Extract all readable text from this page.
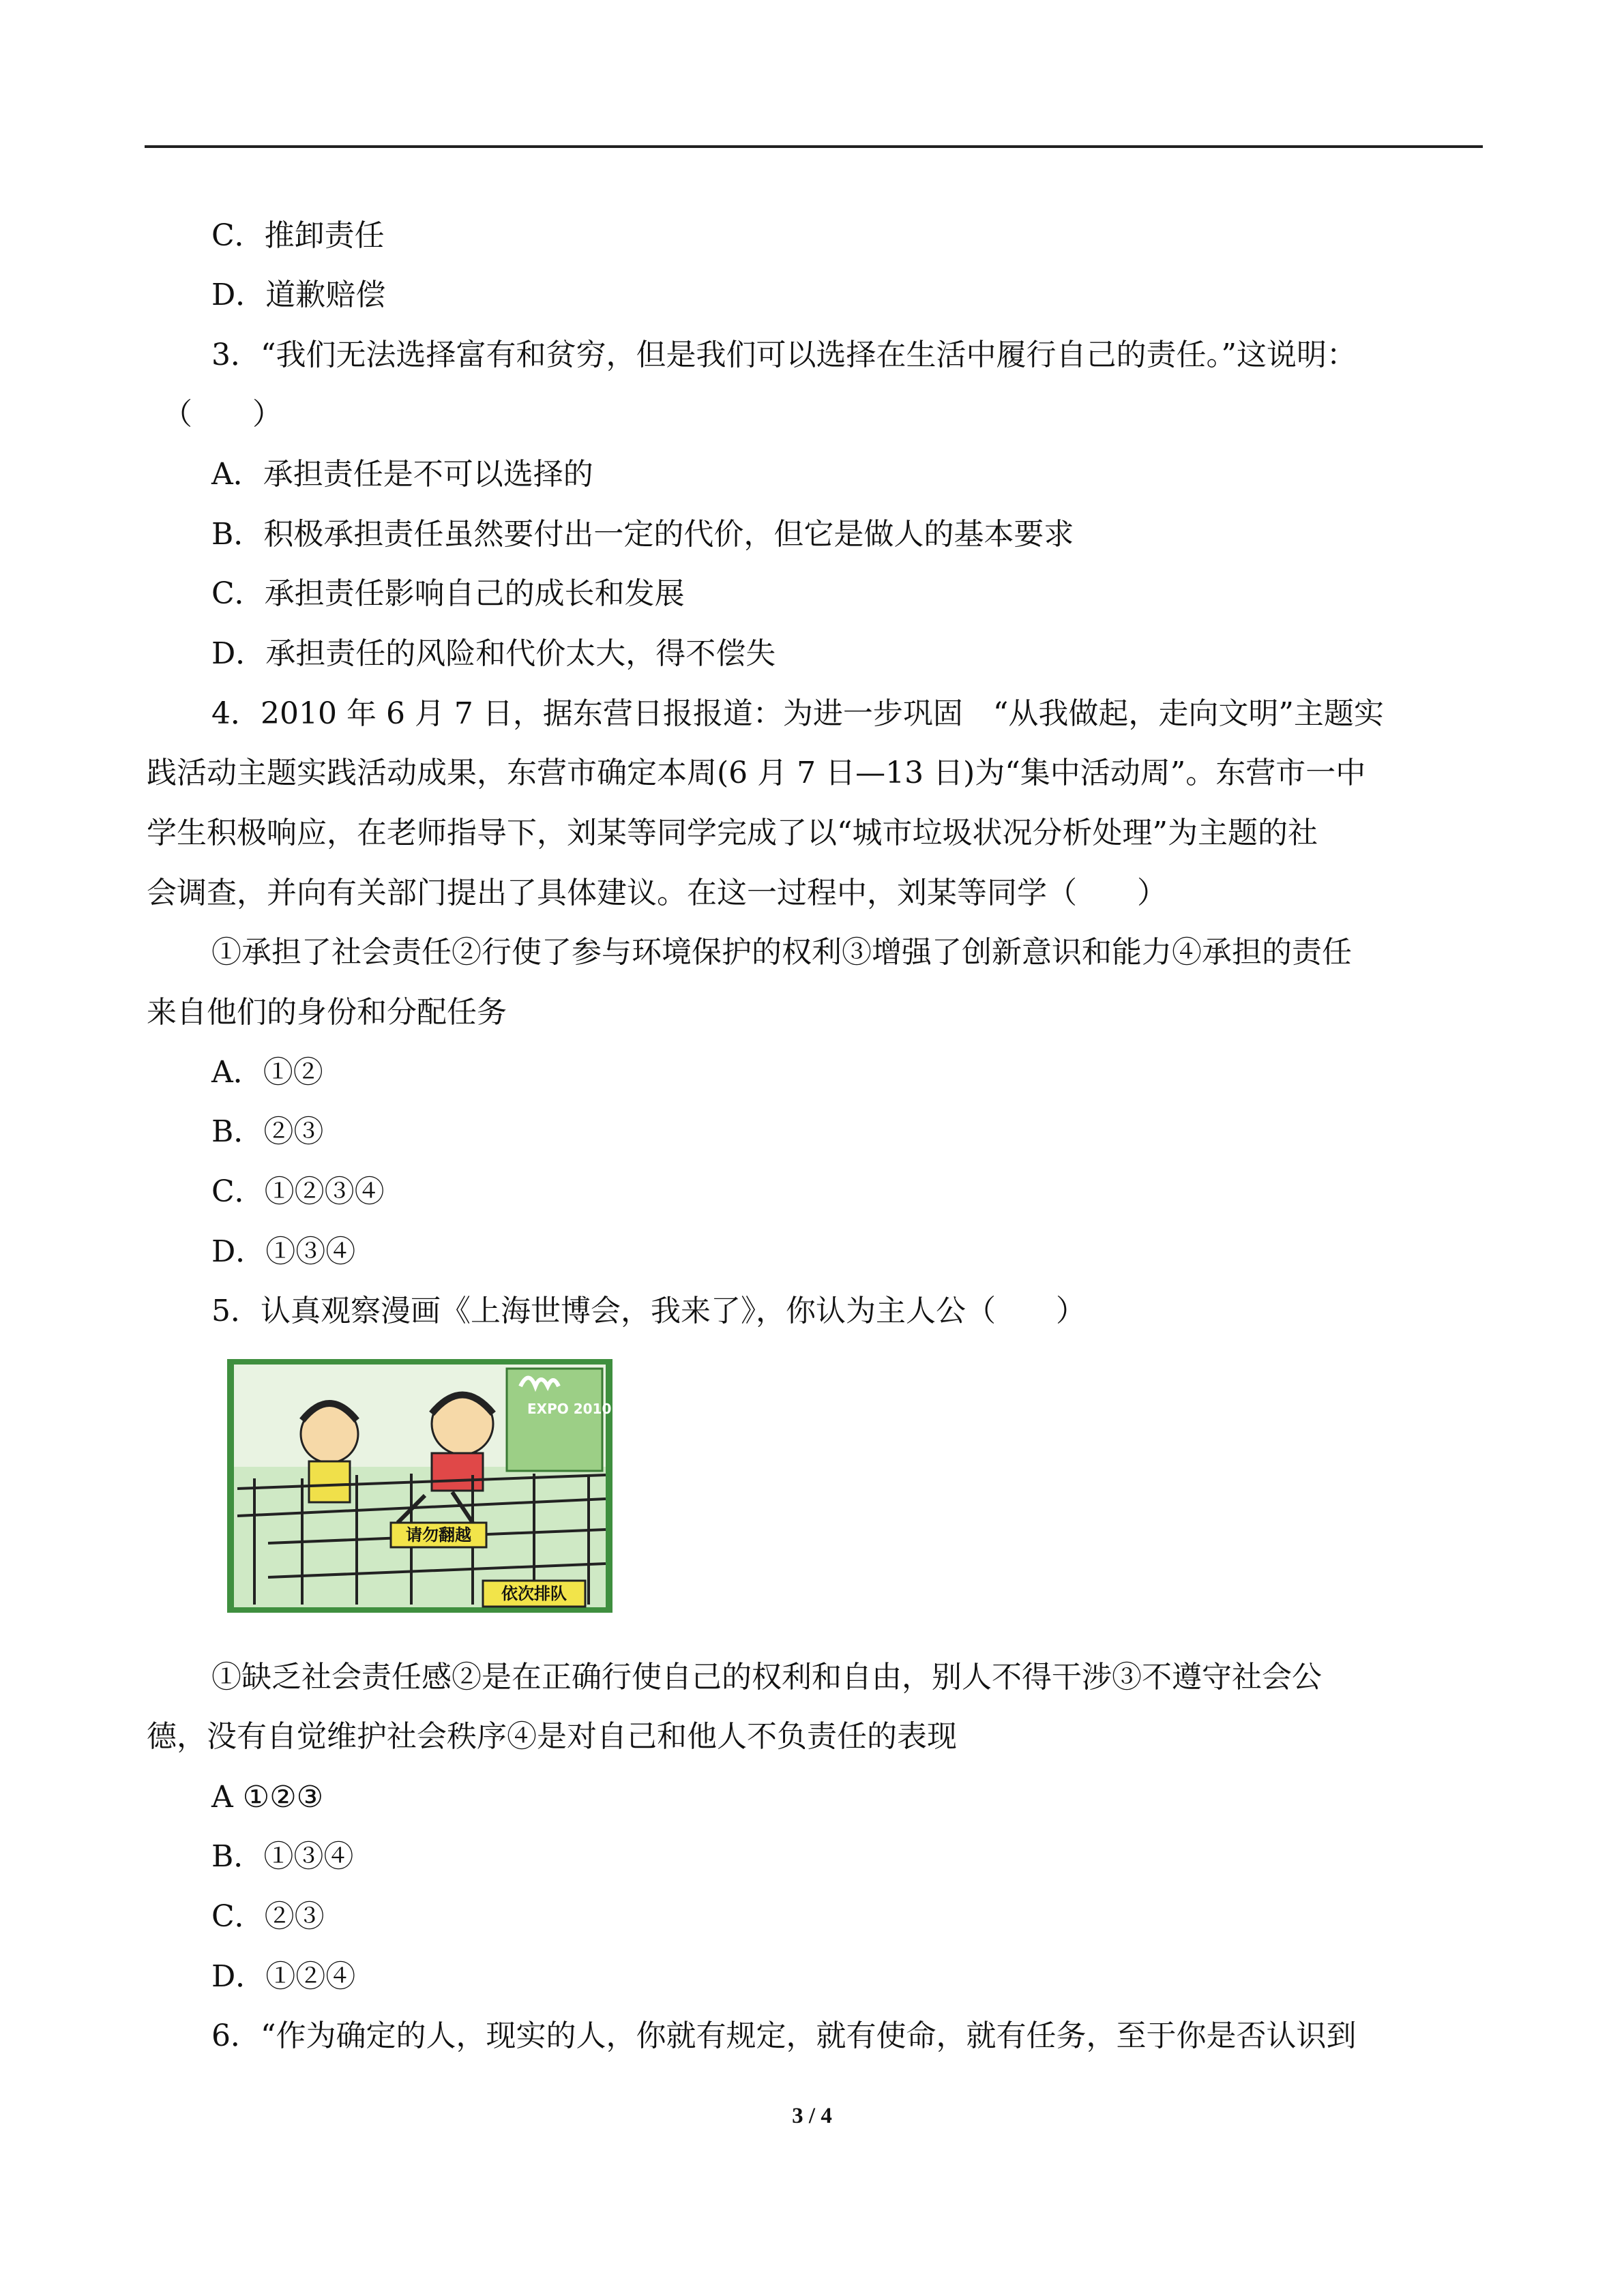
C．推卸责任
D．道歉赔偿
3．“我们无法选择富有和贫穷，但是我们可以选择在生活中履行自己的责任。”这说明：
（　　）
A．承担责任是不可以选择的
B．积极承担责任虽然要付出一定的代价，但它是做人的基本要求
C．承担责任影响自己的成长和发展
D．承担责任的风险和代价太大，得不偿失
4．2010 年 6 月 7 日，据东营日报报道：为进一步巩固　“从我做起，走向文明”主题实
践活动主题实践活动成果，东营市确定本周(6 月 7 日—13 日)为“集中活动周”。东营市一中
学生积极响应，在老师指导下，刘某等同学完成了以“城市垃圾状况分析处理”为主题的社
会调查，并向有关部门提出了具体建议。在这一过程中，刘某等同学（　　）
①承担了社会责任②行使了参与环境保护的权利③增强了创新意识和能力④承担的责任
来自他们的身份和分配任务
A．①②
B．②③
C．①②③④
D．①③④
5．认真观察漫画《上海世博会，我来了》，你认为主人公（　　）
EXPO 2010
请勿翻越
依次排队
①缺乏社会责任感②是在正确行使自己的权利和自由，别人不得干涉③不遵守社会公
德，没有自觉维护社会秩序④是对自己和他人不负责任的表现
A ①②③
B．①③④
C．②③
D．①②④
6．“作为确定的人，现实的人，你就有规定，就有使命，就有任务，至于你是否认识到
3 / 4
